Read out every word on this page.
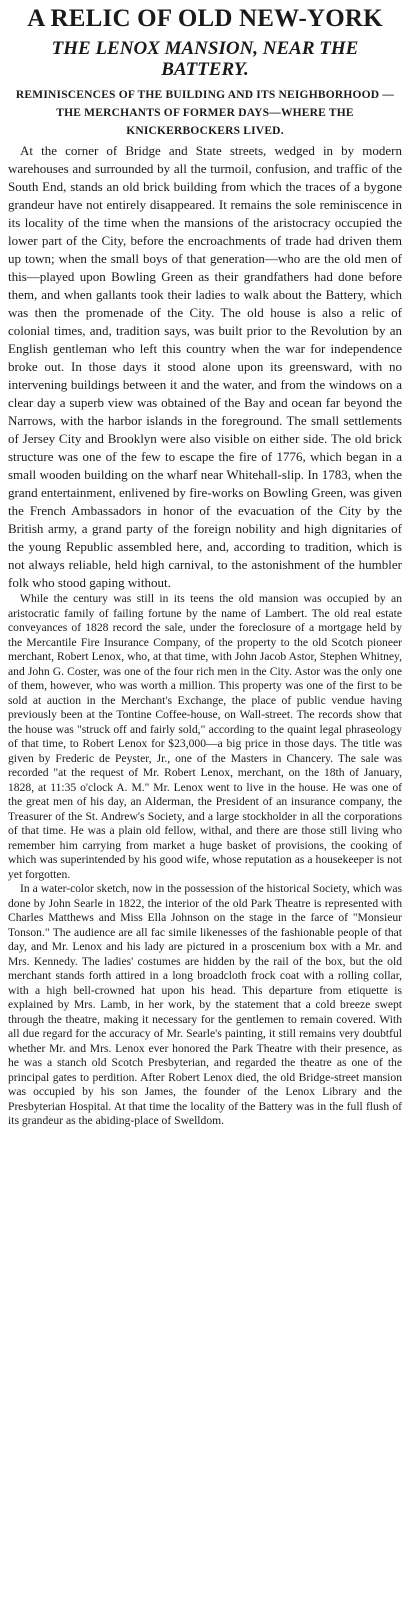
A RELIC OF OLD NEW-YORK
THE LENOX MANSION, NEAR THE BATTERY.
REMINISCENCES OF THE BUILDING AND ITS NEIGHBORHOOD — THE MERCHANTS OF FORMER DAYS—WHERE THE KNICKERBOCKERS LIVED.

At the corner of Bridge and State streets, wedged in by modern warehouses and surrounded by all the turmoil, confusion, and traffic of the South End, stands an old brick building from which the traces of a bygone grandeur have not entirely disappeared. It remains the sole reminiscence in its locality of the time when the mansions of the aristocracy occupied the lower part of the City, before the encroachments of trade had driven them up town; when the small boys of that generation—who are the old men of this—played upon Bowling Green as their grandfathers had done before them, and when gallants took their ladies to walk about the Battery, which was then the promenade of the City. The old house is also a relic of colonial times, and, tradition says, was built prior to the Revolution by an English gentleman who left this country when the war for independence broke out. In those days it stood alone upon its greensward, with no intervening buildings between it and the water, and from the windows on a clear day a superb view was obtained of the Bay and ocean far beyond the Narrows, with the harbor islands in the foreground. The small settlements of Jersey City and Brooklyn were also visible on either side. The old brick structure was one of the few to escape the fire of 1776, which began in a small wooden building on the wharf near Whitehall-slip. In 1783, when the grand entertainment, enlivened by fire-works on Bowling Green, was given the French Ambassadors in honor of the evacuation of the City by the British army, a grand party of the foreign nobility and high dignitaries of the young Republic assembled here, and, according to tradition, which is not always reliable, held high carnival, to the astonishment of the humbler folk who stood gaping without.

While the century was still in its teens the old mansion was occupied by an aristocratic family of failing fortune by the name of Lambert. The old real estate conveyances of 1828 record the sale, under the foreclosure of a mortgage held by the Mercantile Fire Insurance Company, of the property to the old Scotch pioneer merchant, Robert Lenox, who, at that time, with John Jacob Astor, Stephen Whitney, and John G. Coster, was one of the four rich men in the City. Astor was the only one of them, however, who was worth a million. This property was one of the first to be sold at auction in the Merchant's Exchange, the place of public vendue having previously been at the Tontine Coffee-house, on Wall-street. The records show that the house was "struck off and fairly sold," according to the quaint legal phraseology of that time, to Robert Lenox for $23,000—a big price in those days. The title was given by Frederic de Peyster, Jr., one of the Masters in Chancery. The sale was recorded "at the request of Mr. Robert Lenox, merchant, on the 18th of January, 1828, at 11:35 o'clock A. M." Mr. Lenox went to live in the house. He was one of the great men of his day, an Alderman, the President of an insurance company, the Treasurer of the St. Andrew's Society, and a large stockholder in all the corporations of that time. He was a plain old fellow, withal, and there are those still living who remember him carrying from market a huge basket of provisions, the cooking of which was superintended by his good wife, whose reputation as a housekeeper is not yet forgotten.

In a water-color sketch, now in the possession of the historical Society, which was done by John Searle in 1822, the interior of the old Park Theatre is represented with Charles Matthews and Miss Ella Johnson on the stage in the farce of "Monsieur Tonson." The audience are all fac simile likenesses of the fashionable people of that day, and Mr. Lenox and his lady are pictured in a proscenium box with a Mr. and Mrs. Kennedy. The ladies' costumes are hidden by the rail of the box, but the old merchant stands forth attired in a long broadcloth frock coat with a rolling collar, with a high bell-crowned hat upon his head. This departure from etiquette is explained by Mrs. Lamb, in her work, by the statement that a cold breeze swept through the theatre, making it necessary for the gentlemen to remain covered. With all due regard for the accuracy of Mr. Searle's painting, it still remains very doubtful whether Mr. and Mrs. Lenox ever honored the Park Theatre with their presence, as he was a stanch old Scotch Presbyterian, and regarded the theatre as one of the principal gates to perdition. After Robert Lenox died, the old Bridge-street mansion was occupied by his son James, the founder of the Lenox Library and the Presbyterian Hospital. At that time the locality of the Battery was in the full flush of its grandeur as the abiding-place of Swelldom.
